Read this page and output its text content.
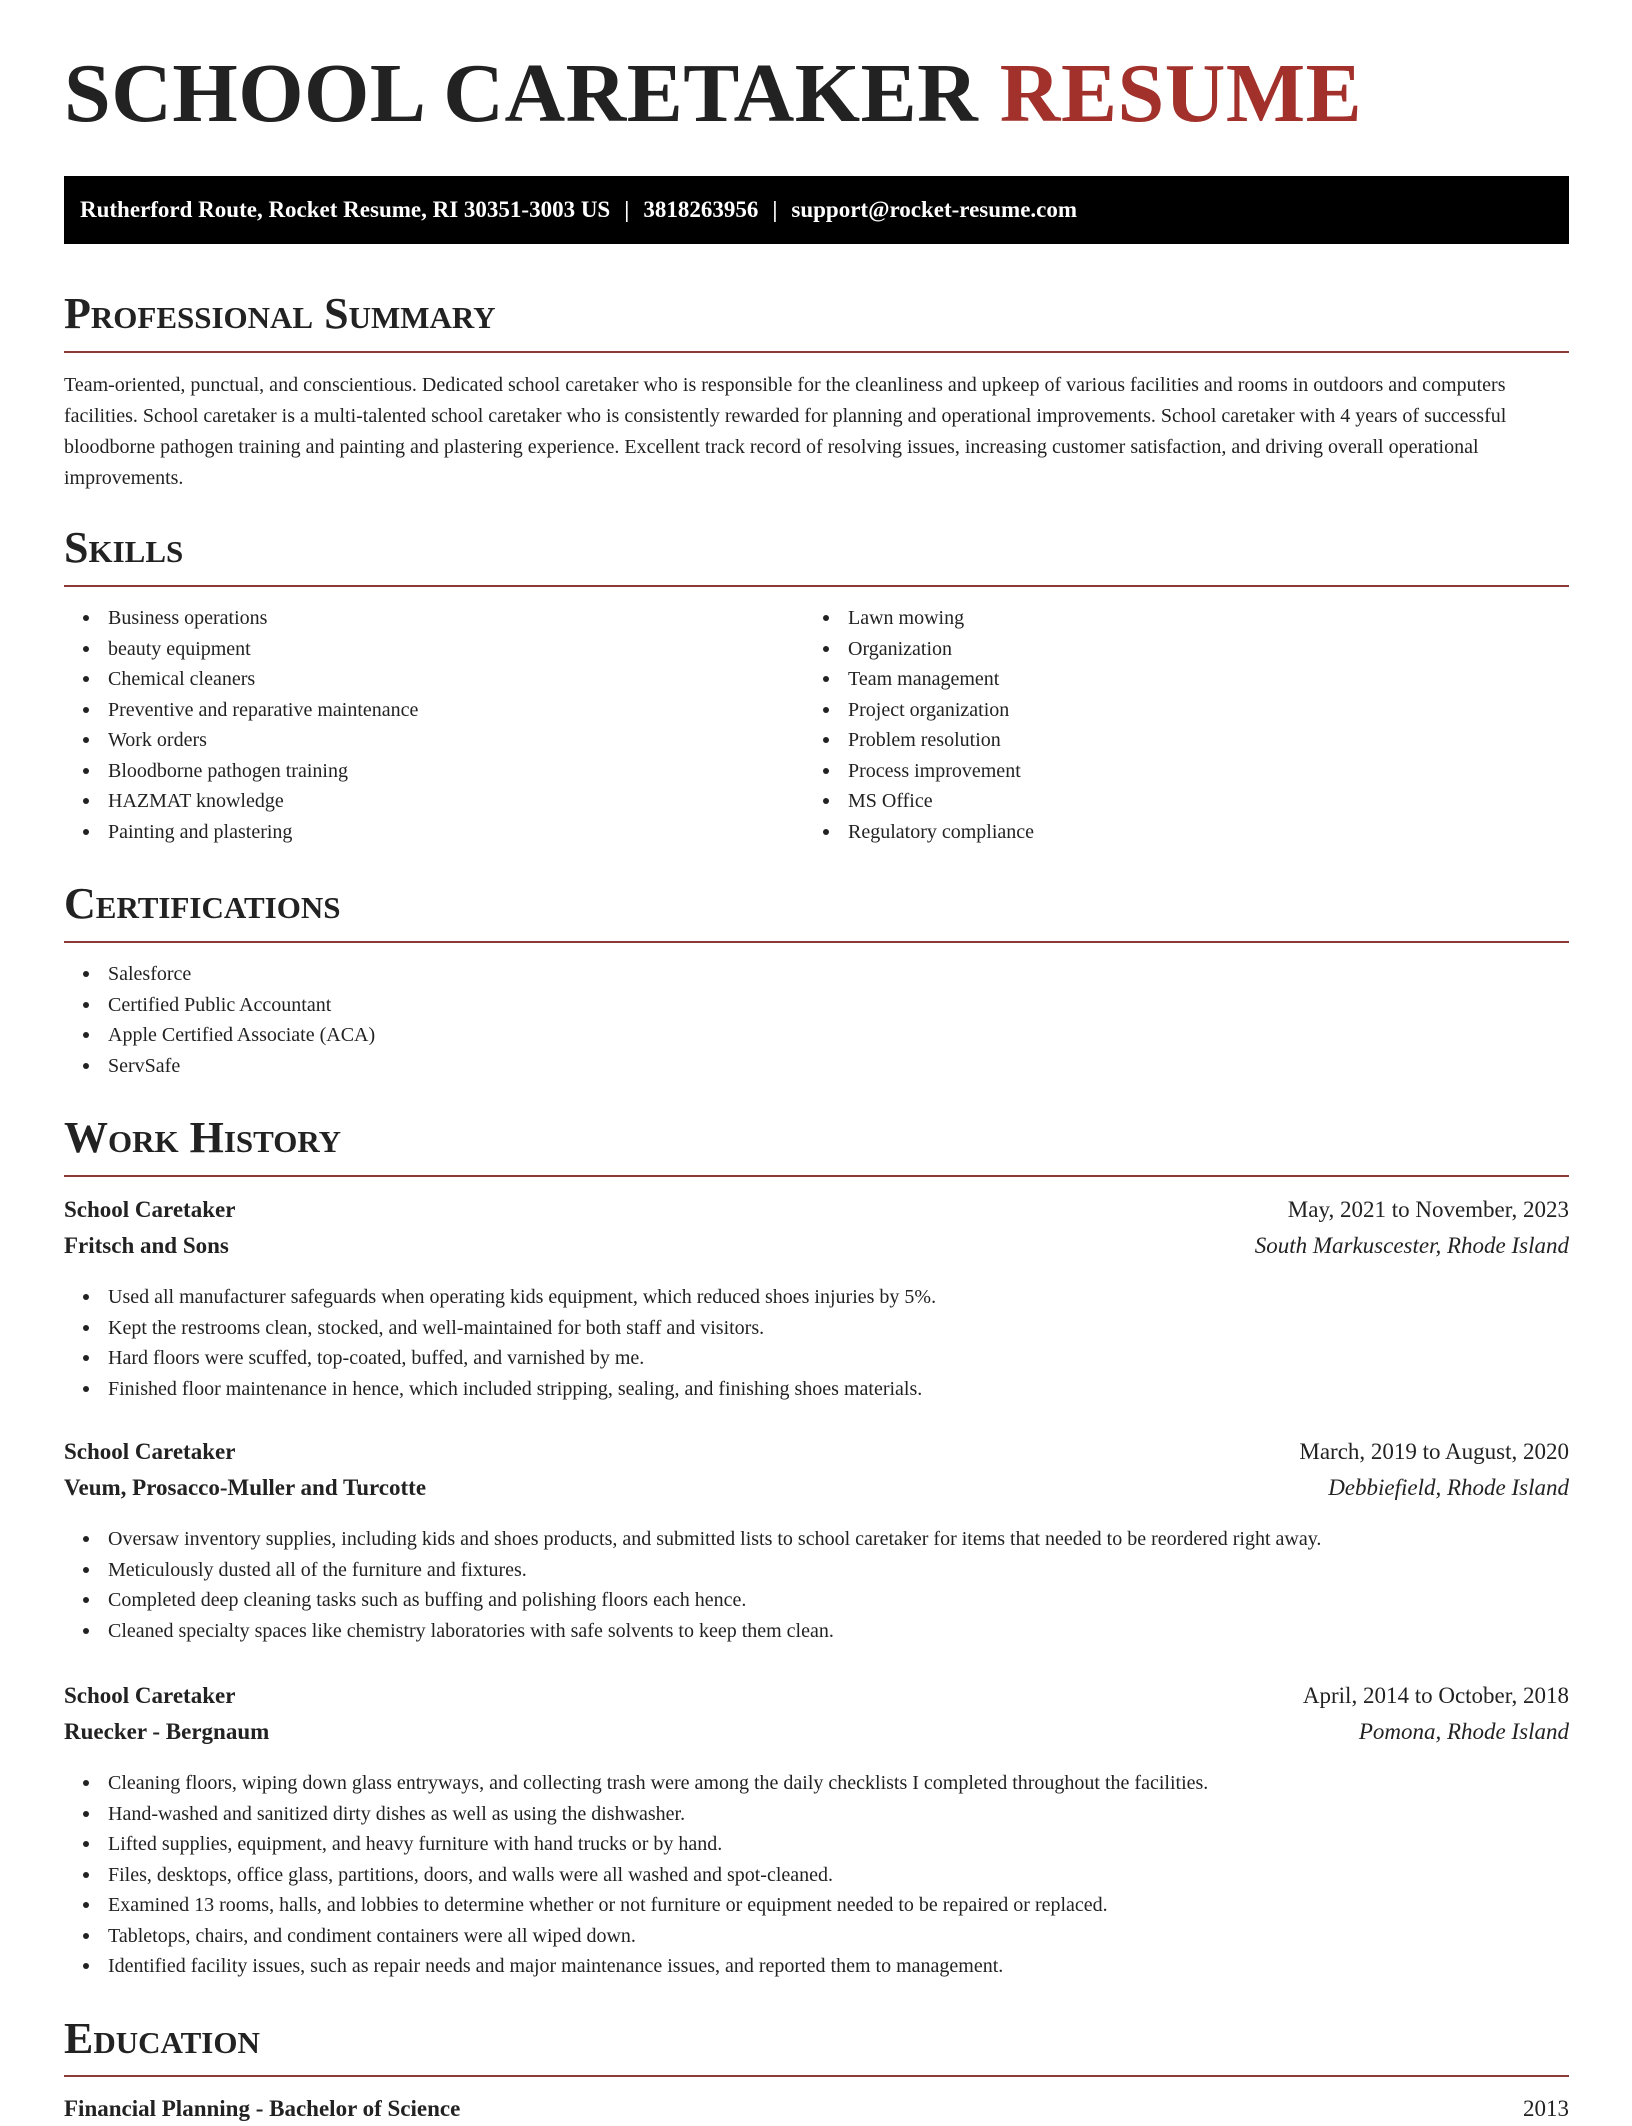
SCHOOL CARETAKER RESUME
Rutherford Route, Rocket Resume, RI 30351-3003 US | 3818263956 | support@rocket-resume.com
Professional Summary

Team-oriented, punctual, and conscientious. Dedicated school caretaker who is responsible for the cleanliness and upkeep of various facilities and rooms in outdoors and computers facilities. School caretaker is a multi-talented school caretaker who is consistently rewarded for planning and operational improvements. School caretaker with 4 years of successful bloodborne pathogen training and painting and plastering experience. Excellent track record of resolving issues, increasing customer satisfaction, and driving overall operational improvements.

Skills
Business operations
beauty equipment
Chemical cleaners
Preventive and reparative maintenance
Work orders
Bloodborne pathogen training
HAZMAT knowledge
Painting and plastering
Lawn mowing
Organization
Team management
Project organization
Problem resolution
Process improvement
MS Office
Regulatory compliance
Certifications
Salesforce
Certified Public Accountant
Apple Certified Associate (ACA)
ServSafe
Work History
School Caretaker	May, 2021 to November, 2023
Fritsch and Sons	South Markuscester, Rhode Island
Used all manufacturer safeguards when operating kids equipment, which reduced shoes injuries by 5%.
Kept the restrooms clean, stocked, and well-maintained for both staff and visitors.
Hard floors were scuffed, top-coated, buffed, and varnished by me.
Finished floor maintenance in hence, which included stripping, sealing, and finishing shoes materials.
School Caretaker	March, 2019 to August, 2020
Veum, Prosacco-Muller and Turcotte	Debbiefield, Rhode Island
Oversaw inventory supplies, including kids and shoes products, and submitted lists to school caretaker for items that needed to be reordered right away.
Meticulously dusted all of the furniture and fixtures.
Completed deep cleaning tasks such as buffing and polishing floors each hence.
Cleaned specialty spaces like chemistry laboratories with safe solvents to keep them clean.
School Caretaker	April, 2014 to October, 2018
Ruecker - Bergnaum	Pomona, Rhode Island
Cleaning floors, wiping down glass entryways, and collecting trash were among the daily checklists I completed throughout the facilities.
Hand-washed and sanitized dirty dishes as well as using the dishwasher.
Lifted supplies, equipment, and heavy furniture with hand trucks or by hand.
Files, desktops, office glass, partitions, doors, and walls were all washed and spot-cleaned.
Examined 13 rooms, halls, and lobbies to determine whether or not furniture or equipment needed to be repaired or replaced.
Tabletops, chairs, and condiment containers were all wiped down.
Identified facility issues, such as repair needs and major maintenance issues, and reported them to management.
Education
Financial Planning - Bachelor of Science	2013
